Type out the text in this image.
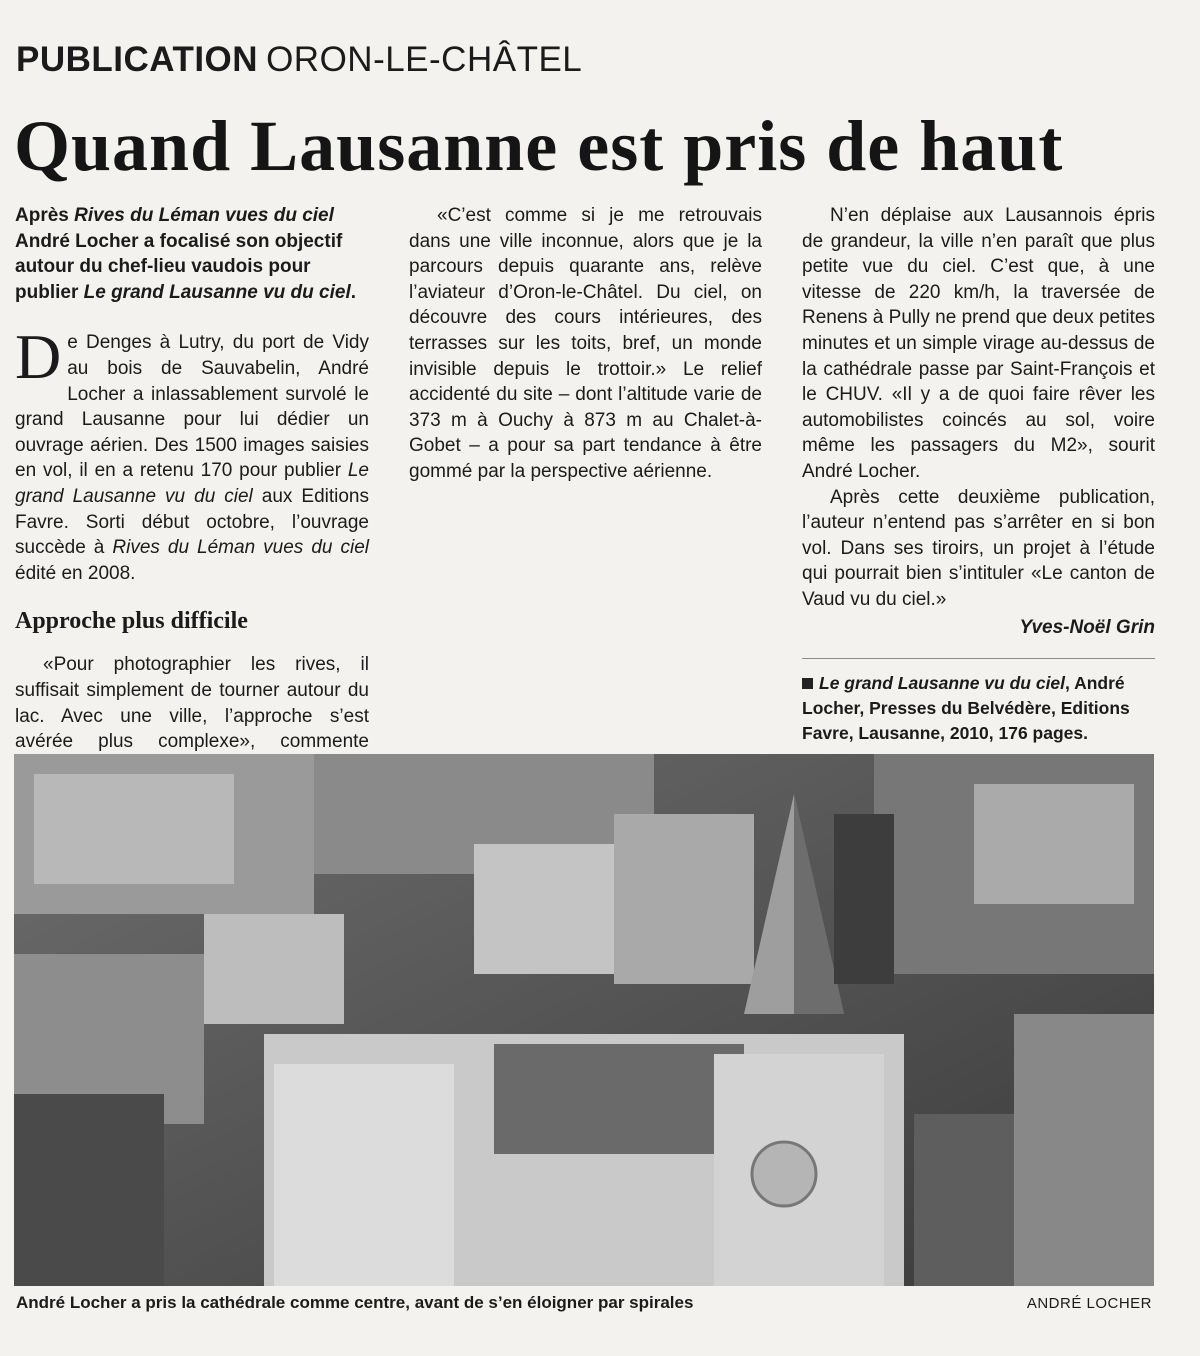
PUBLICATION ORON-LE-CHÂTEL
Quand Lausanne est pris de haut

Après Rives du Léman vues du ciel André Locher a focalisé son objectif autour du chef-lieu vaudois pour publier Le grand Lausanne vu du ciel.

De Denges à Lutry, du port de Vidy au bois de Sauvabelin, André Locher a inlassablement survolé le grand Lausanne pour lui dédier un ouvrage aérien. Des 1500 images saisies en vol, il en a retenu 170 pour publier Le grand Lausanne vu du ciel aux Editions Favre. Sorti début octobre, l’ouvrage succède à Rives du Léman vues du ciel édité en 2008.

Approche plus difficile

«Pour photographier les rives, il suffisait simplement de tourner autour du lac. Avec une ville, l’approche s’est avérée plus complexe», commente

«C’est comme si je me retrouvais dans une ville inconnue, alors que je la parcours depuis quarante ans, relève l’aviateur d’Oron-le-Châtel. Du ciel, on découvre des cours intérieures, des terrasses sur les toits, bref, un monde invisible depuis le trottoir.» Le relief accidenté du site – dont l’altitude varie de 373 m à Ouchy à 873 m au Chalet-à-Gobet – a pour sa part tendance à être gommé par la perspective aérienne.

N’en déplaise aux Lausannois épris de grandeur, la ville n’en paraît que plus petite vue du ciel. C’est que, à une vitesse de 220 km/h, la traversée de Renens à Pully ne prend que deux petites minutes et un simple virage au-dessus de la cathédrale passe par Saint-François et le CHUV. «Il y a de quoi faire rêver les automobilistes coincés au sol, voire même les passagers du M2», sourit André Locher.

Après cette deuxième publication, l’auteur n’entend pas s’arrêter en si bon vol. Dans ses tiroirs, un projet à l’étude qui pourrait bien s’intituler «Le canton de Vaud vu du ciel.»

Yves-Noël Grin

Le grand Lausanne vu du ciel, André Locher, Presses du Belvédère, Editions Favre, Lausanne, 2010, 176 pages.

André Locher a pris la cathédrale comme centre, avant de s’en éloigner par spirales	ANDRÉ LOCHER
